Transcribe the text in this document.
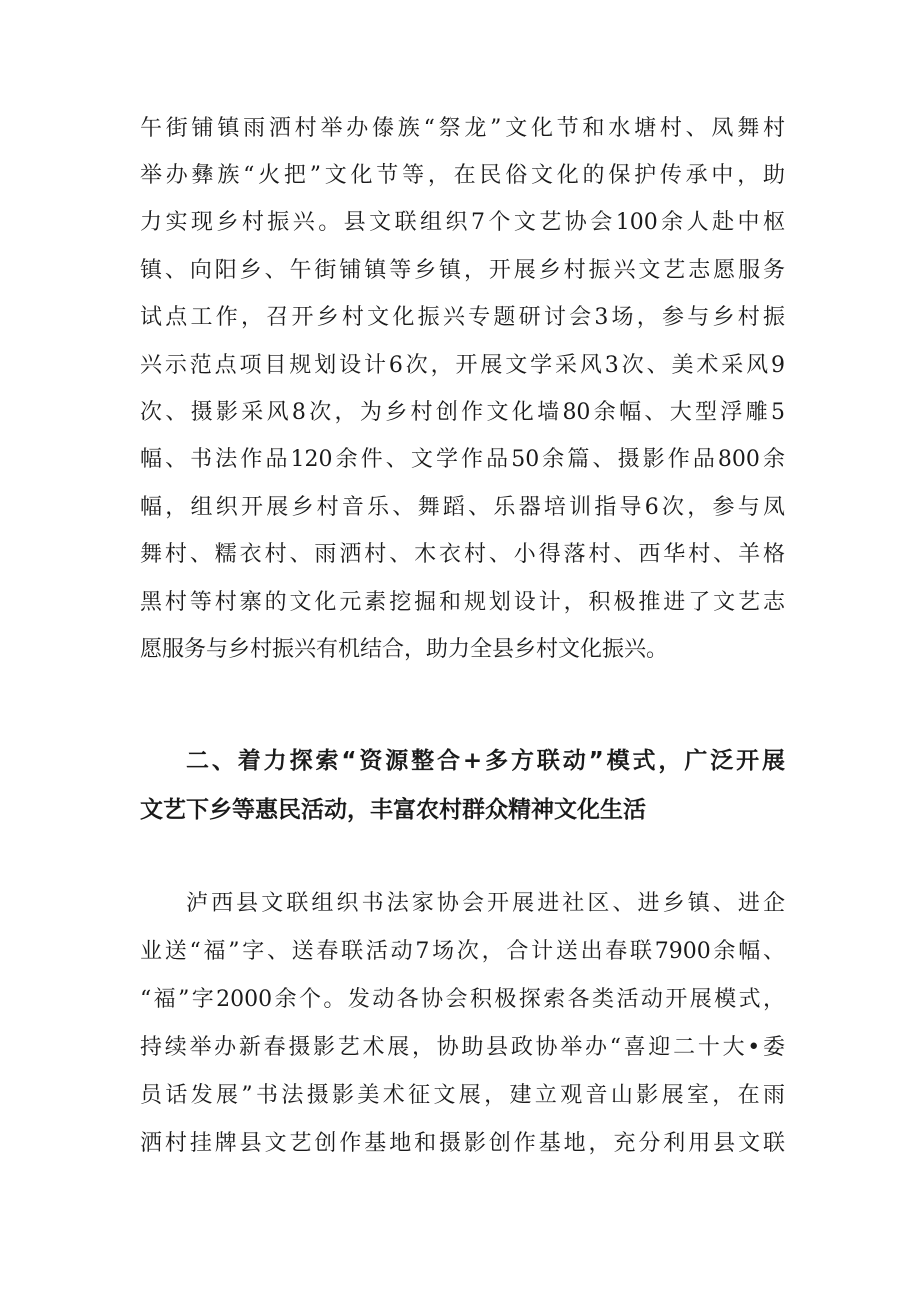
午街铺镇雨洒村举办傣族“祭龙”文化节和水塘村、凤舞村
举办彝族“火把”文化节等，在民俗文化的保护传承中，助
力实现乡村振兴。县文联组织7个文艺协会100余人赴中枢
镇、向阳乡、午街铺镇等乡镇，开展乡村振兴文艺志愿服务
试点工作，召开乡村文化振兴专题研讨会3场，参与乡村振
兴示范点项目规划设计6次，开展文学采风3次、美术采风9
次、摄影采风8次，为乡村创作文化墙80余幅、大型浮雕5
幅、书法作品120余件、文学作品50余篇、摄影作品800余
幅，组织开展乡村音乐、舞蹈、乐器培训指导6次，参与凤
舞村、糯衣村、雨洒村、木衣村、小得落村、西华村、羊格
黑村等村寨的文化元素挖掘和规划设计，积极推进了文艺志
愿服务与乡村振兴有机结合，助力全县乡村文化振兴。
二、着力探索“资源整合+多方联动”模式，广泛开展
文艺下乡等惠民活动，丰富农村群众精神文化生活
泸西县文联组织书法家协会开展进社区、进乡镇、进企
业送“福”字、送春联活动7场次，合计送出春联7900余幅、
“福”字2000余个。发动各协会积极探索各类活动开展模式，
持续举办新春摄影艺术展，协助县政协举办“喜迎二十大•委
员话发展”书法摄影美术征文展，建立观音山影展室，在雨
洒村挂牌县文艺创作基地和摄影创作基地，充分利用县文联
